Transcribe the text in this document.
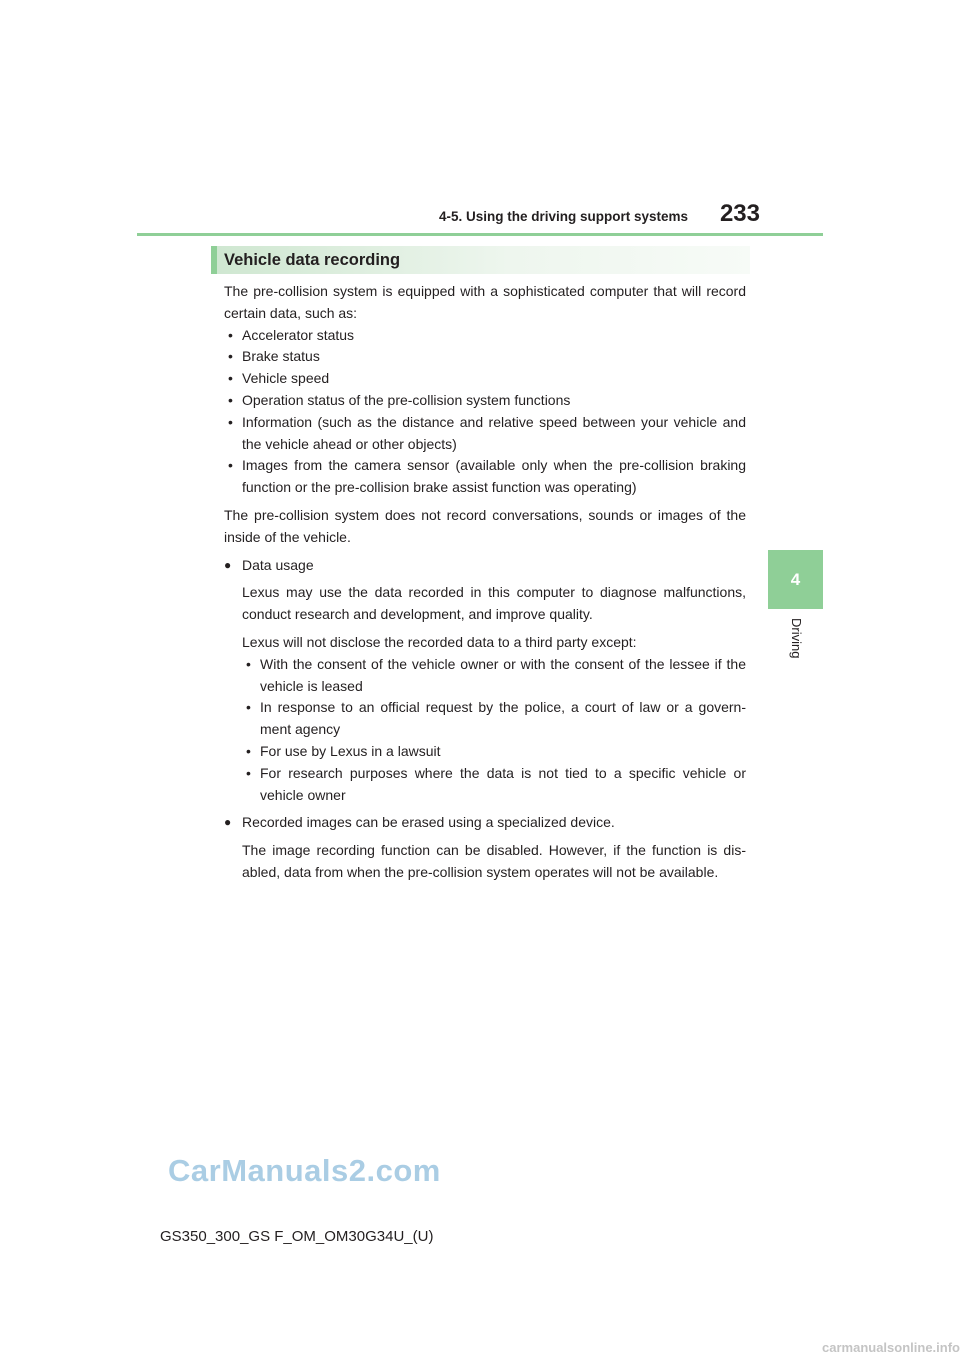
4-5. Using the driving support systems	233
4
Driving
Vehicle data recording

The pre-collision system is equipped with a sophisticated computer that will record certain data, such as:

• Accelerator status
• Brake status
• Vehicle speed
• Operation status of the pre-collision system functions
• Information (such as the distance and relative speed between your vehicle and the vehicle ahead or other objects)
• Images from the camera sensor (available only when the pre-collision braking function or the pre-collision brake assist function was operating)

The pre-collision system does not record conversations, sounds or images of the inside of the vehicle.

● Data usage

Lexus may use the data recorded in this computer to diagnose malfunctions, conduct research and development, and improve quality.

Lexus will not disclose the recorded data to a third party except:

• With the consent of the vehicle owner or with the consent of the lessee if the vehicle is leased
• In response to an official request by the police, a court of law or a govern-ment agency
• For use by Lexus in a lawsuit
• For research purposes where the data is not tied to a specific vehicle or vehicle owner
● Recorded images can be erased using a specialized device.

The image recording function can be disabled. However, if the function is dis-abled, data from when the pre-collision system operates will not be available.

CarManuals2.com
GS350_300_GS F_OM_OM30G34U_(U)
carmanualsonline.info
